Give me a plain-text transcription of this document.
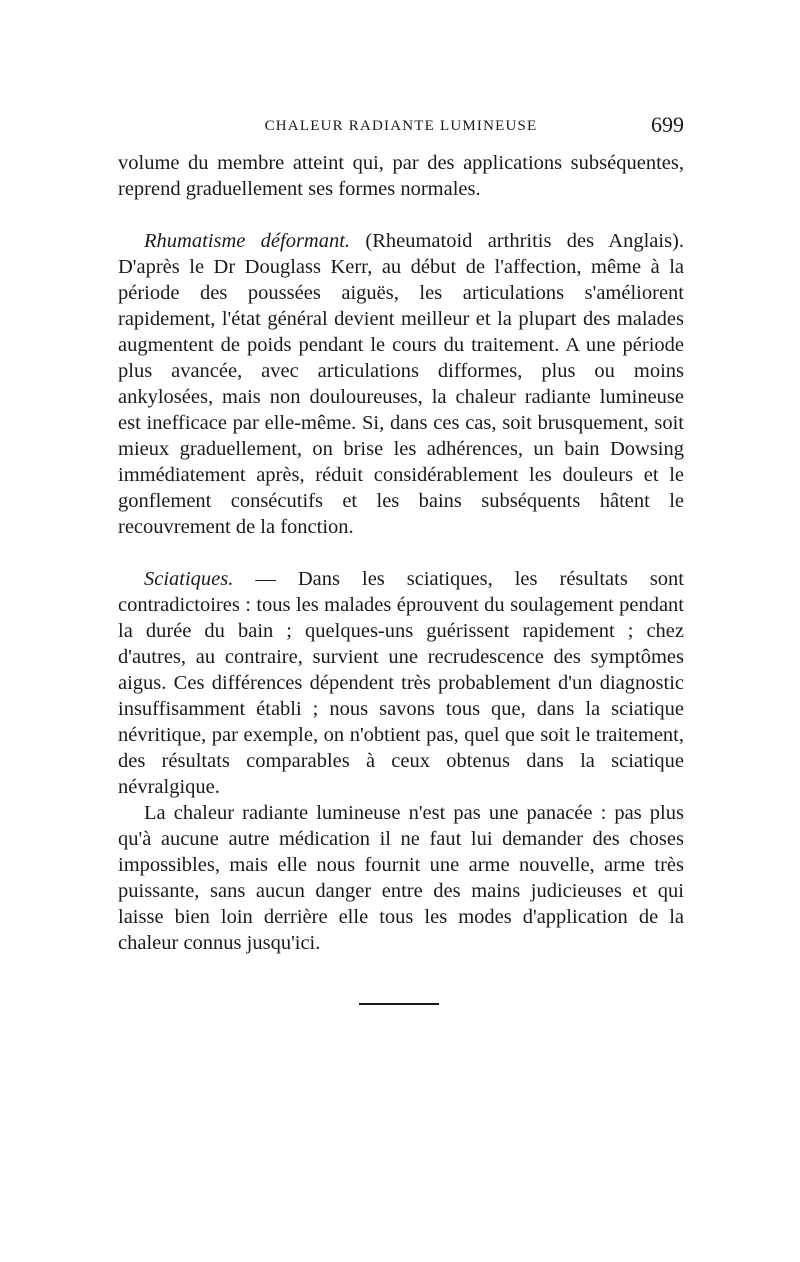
CHALEUR RADIANTE LUMINEUSE	699

volume du membre atteint qui, par des applications subséquentes, reprend graduellement ses formes normales.

Rhumatisme déformant. (Rheumatoid arthritis des Anglais). D'après le Dr Douglass Kerr, au début de l'affection, même à la période des poussées aiguës, les articulations s'améliorent rapidement, l'état général devient meilleur et la plupart des malades augmentent de poids pendant le cours du traitement. A une période plus avancée, avec articulations difformes, plus ou moins ankylosées, mais non douloureuses, la chaleur radiante lumineuse est inefficace par elle-même. Si, dans ces cas, soit brusquement, soit mieux graduellement, on brise les adhérences, un bain Dowsing immédiatement après, réduit considérablement les douleurs et le gonflement consécutifs et les bains subséquents hâtent le recouvrement de la fonction.

Sciatiques. — Dans les sciatiques, les résultats sont contradictoires : tous les malades éprouvent du soulagement pendant la durée du bain ; quelques-uns guérissent rapidement ; chez d'autres, au contraire, survient une recrudescence des symptômes aigus. Ces différences dépendent très probablement d'un diagnostic insuffisamment établi ; nous savons tous que, dans la sciatique névritique, par exemple, on n'obtient pas, quel que soit le traitement, des résultats comparables à ceux obtenus dans la sciatique névralgique.

La chaleur radiante lumineuse n'est pas une panacée : pas plus qu'à aucune autre médication il ne faut lui demander des choses impossibles, mais elle nous fournit une arme nouvelle, arme très puissante, sans aucun danger entre des mains judicieuses et qui laisse bien loin derrière elle tous les modes d'application de la chaleur connus jusqu'ici.
